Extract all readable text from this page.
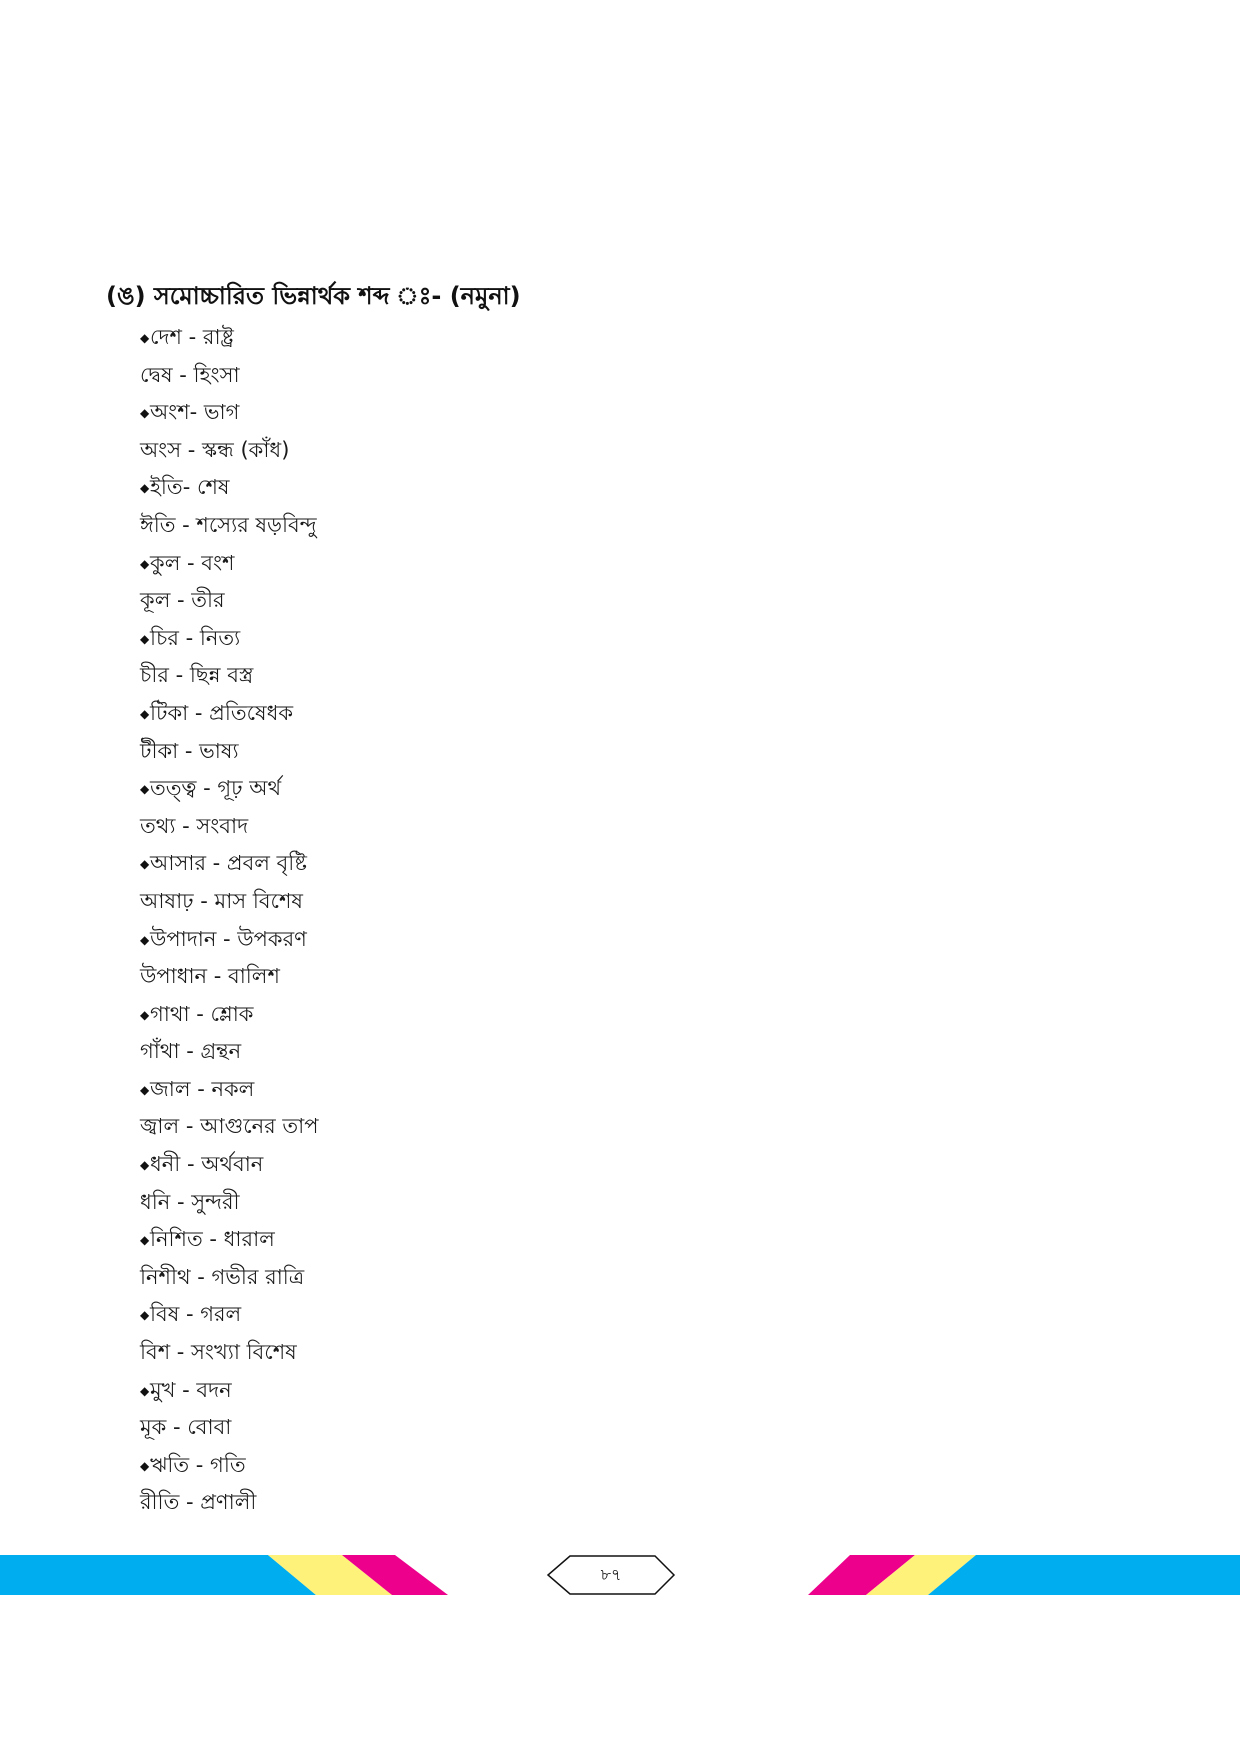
(ঙ) সমোচ্চারিত ভিন্নার্থক শব্দ ঃ- (নমুনা)
◆দেশ - রাষ্ট্র
দ্বেষ - হিংসা
◆অংশ- ভাগ
অংস - স্কন্ধ (কাঁধ)
◆ইতি- শেষ
ঈতি - শস্যের ষড়বিন্দু
◆কুল - বংশ
কূল - তীর
◆চির - নিত্য
চীর - ছিন্ন বস্ত্র
◆টিকা - প্রতিষেধক
টীকা - ভাষ্য
◆তত্ত্ব - গূঢ় অর্থ
তথ্য - সংবাদ
◆আসার - প্রবল বৃষ্টি
আষাঢ় - মাস বিশেষ
◆উপাদান - উপকরণ
উপাধান - বালিশ
◆গাথা - শ্লোক
গাঁথা - গ্রন্থন
◆জাল - নকল
জ্বাল - আগুনের তাপ
◆ধনী - অর্থবান
ধনি - সুন্দরী
◆নিশিত - ধারাল
নিশীথ - গভীর রাত্রি
◆বিষ - গরল
বিশ - সংখ্যা বিশেষ
◆মুখ - বদন
মূক - বোবা
◆ঋতি - গতি
রীতি - প্রণালী
৮৭
